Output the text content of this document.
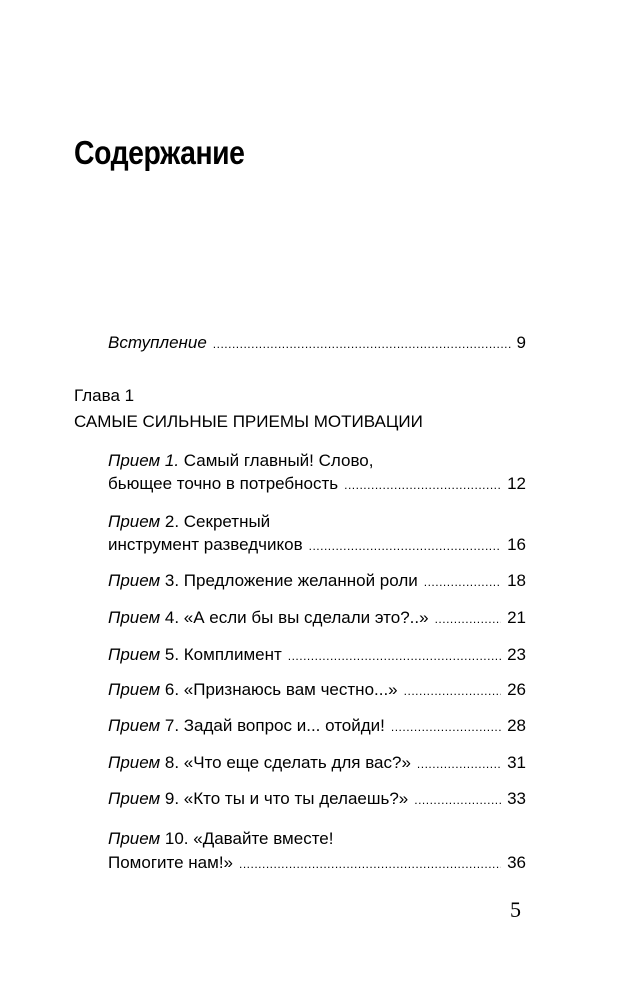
Содержание
Вступление .....	9
Глава 1
САМЫЕ СИЛЬНЫЕ ПРИЕМЫ МОТИВАЦИИ
Прием 1. Самый главный! Слово,
бьющее точно в потребность .....	12
Прием 2. Секретный
инструмент разведчиков .....	16
Прием 3. Предложение желанной роли .....	18
Прием 4. «А если бы вы сделали это?..» .....	21
Прием 5. Комплимент .....	23
Прием 6. «Признаюсь вам честно...» .....	26
Прием 7. Задай вопрос и... отойди! .....	28
Прием 8. «Что еще сделать для вас?» .....	31
Прием 9. «Кто ты и что ты делаешь?» .....	33
Прием 10. «Давайте вместе!
Помогите нам!» .....	36
5
